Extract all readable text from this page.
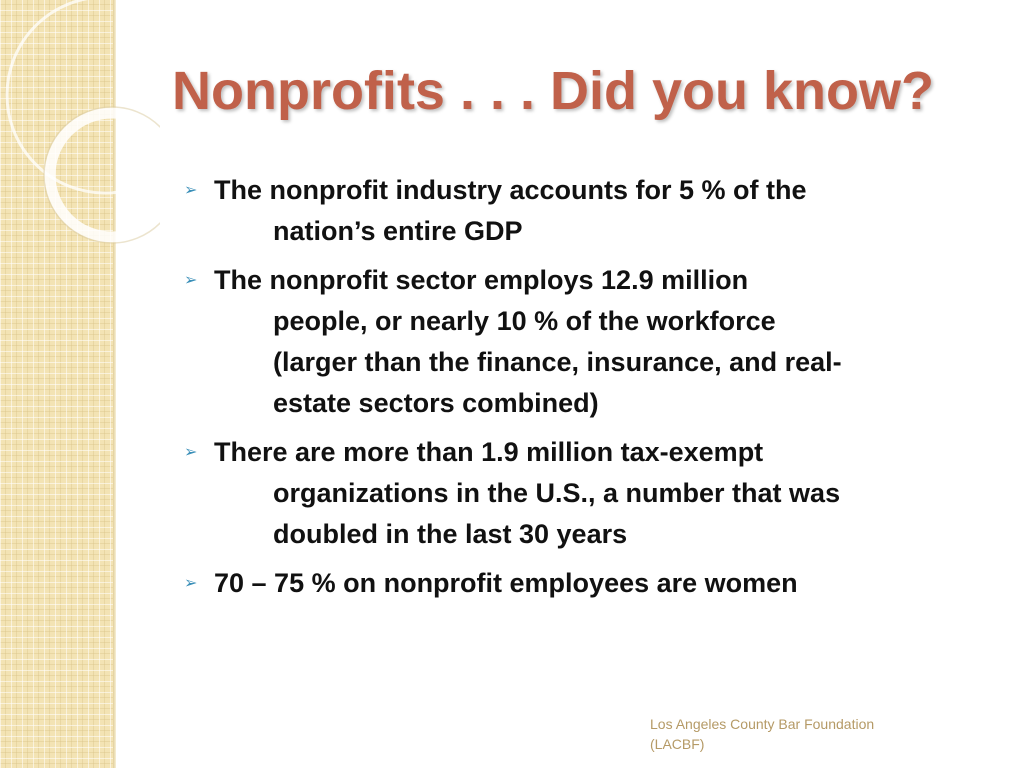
Nonprofits . . . Did you know?
➢ The nonprofit industry accounts for 5 % of the
nation’s entire GDP
➢ The nonprofit sector employs 12.9 million
people, or nearly 10 % of the workforce
(larger than the finance, insurance, and real-
estate sectors combined)
➢ There are more than 1.9 million tax-exempt
organizations in the U.S., a number that was
doubled in the last 30 years
➢ 70 – 75 % on nonprofit employees are women
Los Angeles County Bar Foundation
(LACBF)
